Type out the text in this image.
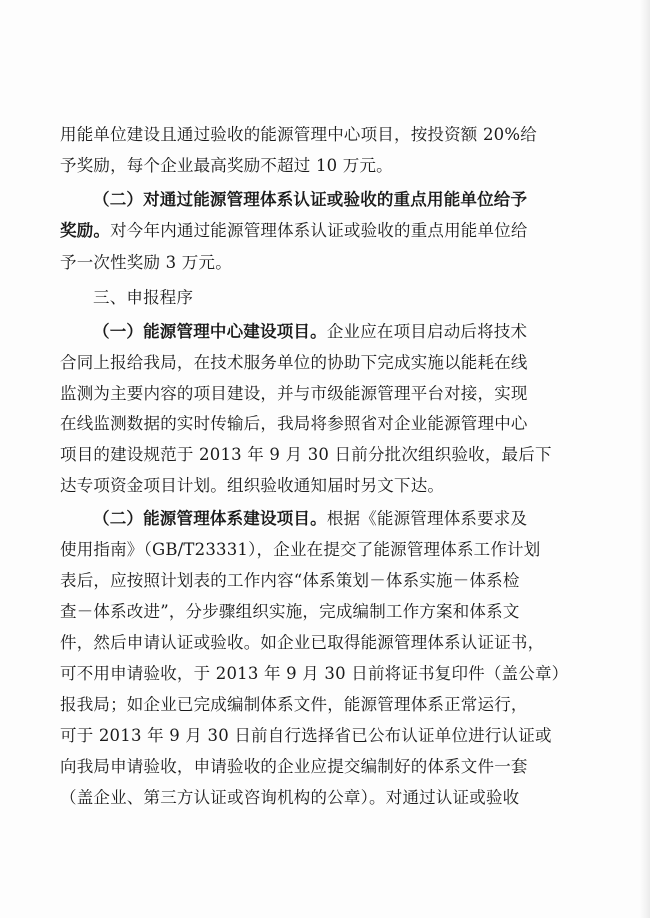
用能单位建设且通过验收的能源管理中心项目，按投资额 20%给
予奖励，每个企业最高奖励不超过 10 万元。
（二）对通过能源管理体系认证或验收的重点用能单位给予
奖励。对今年内通过能源管理体系认证或验收的重点用能单位给
予一次性奖励 3 万元。
三、申报程序
（一）能源管理中心建设项目。企业应在项目启动后将技术
合同上报给我局，在技术服务单位的协助下完成实施以能耗在线
监测为主要内容的项目建设，并与市级能源管理平台对接，实现
在线监测数据的实时传输后，我局将参照省对企业能源管理中心
项目的建设规范于 2013 年 9 月 30 日前分批次组织验收，最后下
达专项资金项目计划。组织验收通知届时另文下达。
（二）能源管理体系建设项目。根据《能源管理体系要求及
使用指南》（GB/T23331），企业在提交了能源管理体系工作计划
表后，应按照计划表的工作内容“体系策划－体系实施－体系检
查－体系改进”，分步骤组织实施，完成编制工作方案和体系文
件，然后申请认证或验收。如企业已取得能源管理体系认证证书，
可不用申请验收，于 2013 年 9 月 30 日前将证书复印件（盖公章）
报我局；如企业已完成编制体系文件，能源管理体系正常运行，
可于 2013 年 9 月 30 日前自行选择省已公布认证单位进行认证或
向我局申请验收，申请验收的企业应提交编制好的体系文件一套
（盖企业、第三方认证或咨询机构的公章）。对通过认证或验收
